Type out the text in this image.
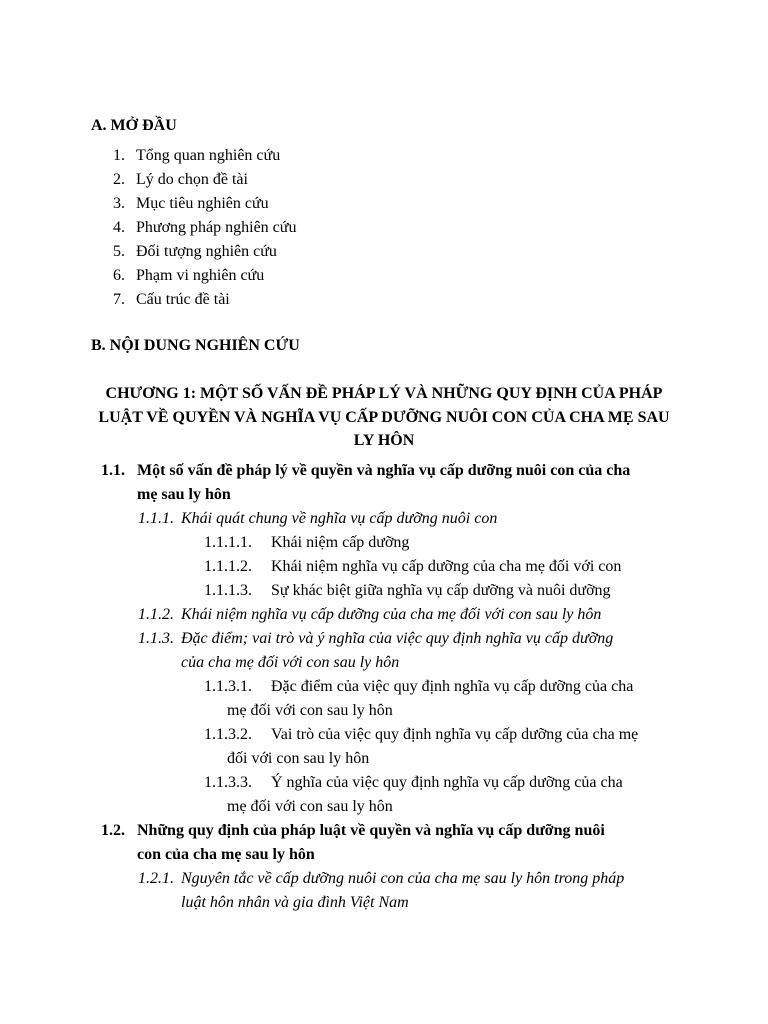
A. MỞ ĐẦU
1. Tổng quan nghiên cứu
2. Lý do chọn đề tài
3. Mục tiêu nghiên cứu
4. Phương pháp nghiên cứu
5. Đối tượng nghiên cứu
6. Phạm vi nghiên cứu
7. Cấu trúc đề tài
B. NỘI DUNG NGHIÊN CỨU
CHƯƠNG 1: MỘT SỐ VẤN ĐỀ PHÁP LÝ VÀ NHỮNG QUY ĐỊNH CỦA PHÁP LUẬT VỀ QUYỀN VÀ NGHĨA VỤ CẤP DƯỠNG NUÔI CON CỦA CHA MẸ SAU LY HÔN
1.1. Một số vấn đề pháp lý về quyền và nghĩa vụ cấp dưỡng nuôi con của cha
mẹ sau ly hôn
1.1.1. Khái quát chung về nghĩa vụ cấp dưỡng nuôi con
1.1.1.1. Khái niệm cấp dưỡng
1.1.1.2. Khái niệm nghĩa vụ cấp dưỡng của cha mẹ đối với con
1.1.1.3. Sự khác biệt giữa nghĩa vụ cấp dưỡng và nuôi dưỡng
1.1.2. Khái niệm nghĩa vụ cấp dưỡng của cha mẹ đối với con sau ly hôn
1.1.3. Đặc điểm; vai trò và ý nghĩa của việc quy định nghĩa vụ cấp dưỡng
của cha mẹ đối với con sau ly hôn
1.1.3.1. Đặc điểm của việc quy định nghĩa vụ cấp dưỡng của cha
mẹ đối với con sau ly hôn
1.1.3.2. Vai trò của việc quy định nghĩa vụ cấp dưỡng của cha mẹ
đối với con sau ly hôn
1.1.3.3. Ý nghĩa của việc quy định nghĩa vụ cấp dưỡng của cha
mẹ đối với con sau ly hôn
1.2. Những quy định của pháp luật về quyền và nghĩa vụ cấp dưỡng nuôi
con của cha mẹ sau ly hôn
1.2.1. Nguyên tắc về cấp dưỡng nuôi con của cha mẹ sau ly hôn trong pháp
luật hôn nhân và gia đình Việt Nam
